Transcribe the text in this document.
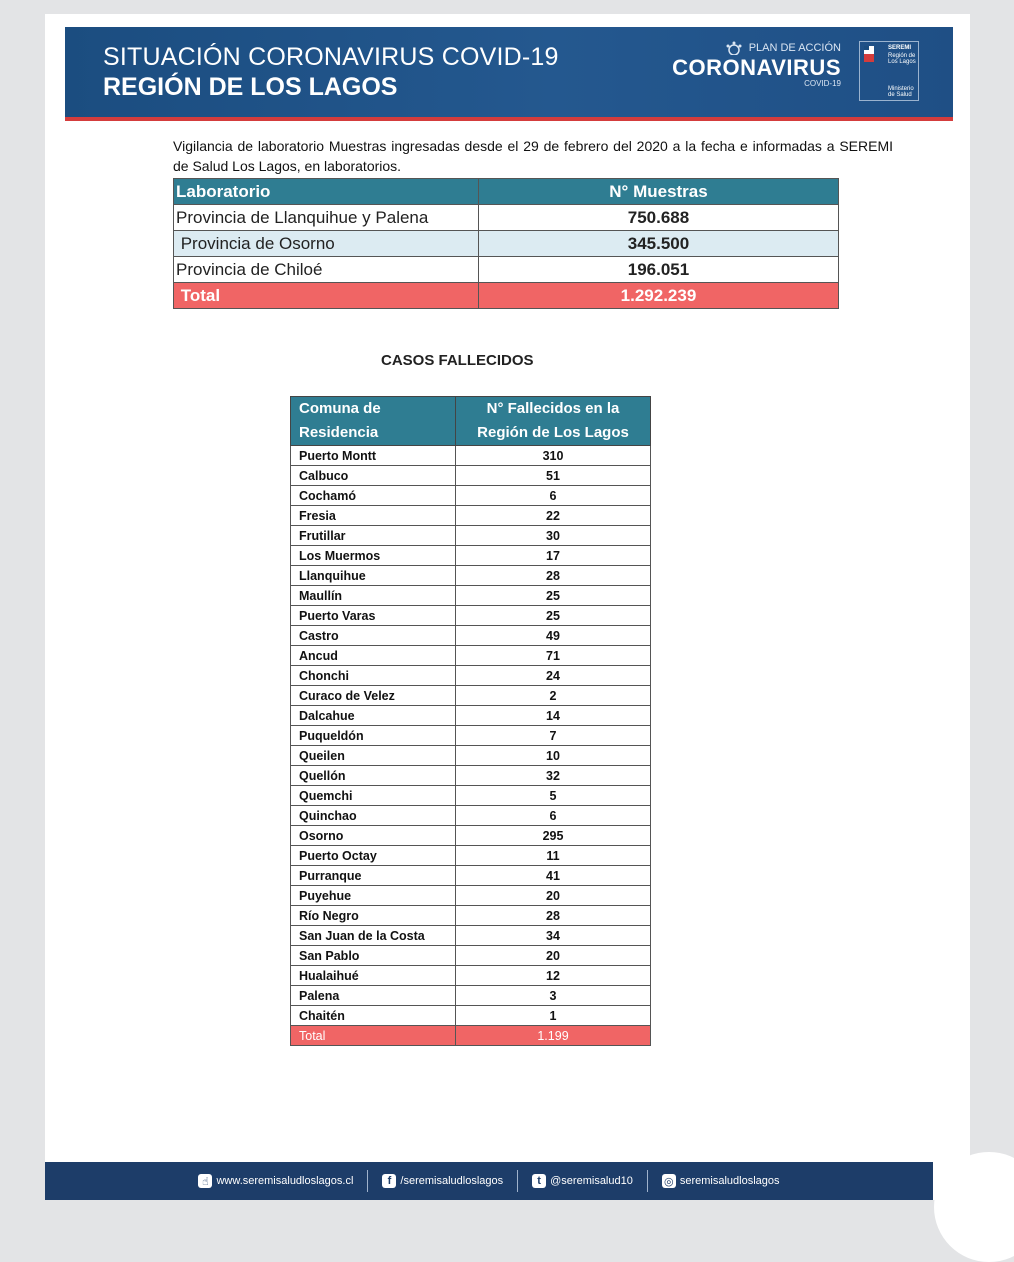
SITUACIÓN CORONAVIRUS COVID-19
REGIÓN DE LOS LAGOS
PLAN DE ACCIÓN
CORONAVIRUS
COVID-19
SEREMI
Región de Los Lagos
Ministerio de Salud
Vigilancia de laboratorio Muestras ingresadas desde el 29 de febrero del 2020 a la fecha e informadas a SEREMI de Salud Los Lagos, en laboratorios.
Laboratorio	N° Muestras
Provincia de Llanquihue y Palena	750.688
Provincia de Osorno	345.500
Provincia de Chiloé	196.051
Total	1.292.239
CASOS FALLECIDOS
Comuna de
Residencia	N° Fallecidos en la
Región de Los Lagos
Puerto Montt	310
Calbuco	51
Cochamó	6
Fresia	22
Frutillar	30
Los Muermos	17
Llanquihue	28
Maullín	25
Puerto Varas	25
Castro	49
Ancud	71
Chonchi	24
Curaco de Velez	2
Dalcahue	14
Puqueldón	7
Queilen	10
Quellón	32
Quemchi	5
Quinchao	6
Osorno	295
Puerto Octay	11
Purranque	41
Puyehue	20
Río Negro	28
San Juan de la Costa	34
San Pablo	20
Hualaihué	12
Palena	3
Chaitén	1
Total	1.199
☝ www.seremisaludloslagos.cl	f /seremisaludloslagos	t @seremisalud10	◎ seremisaludloslagos
